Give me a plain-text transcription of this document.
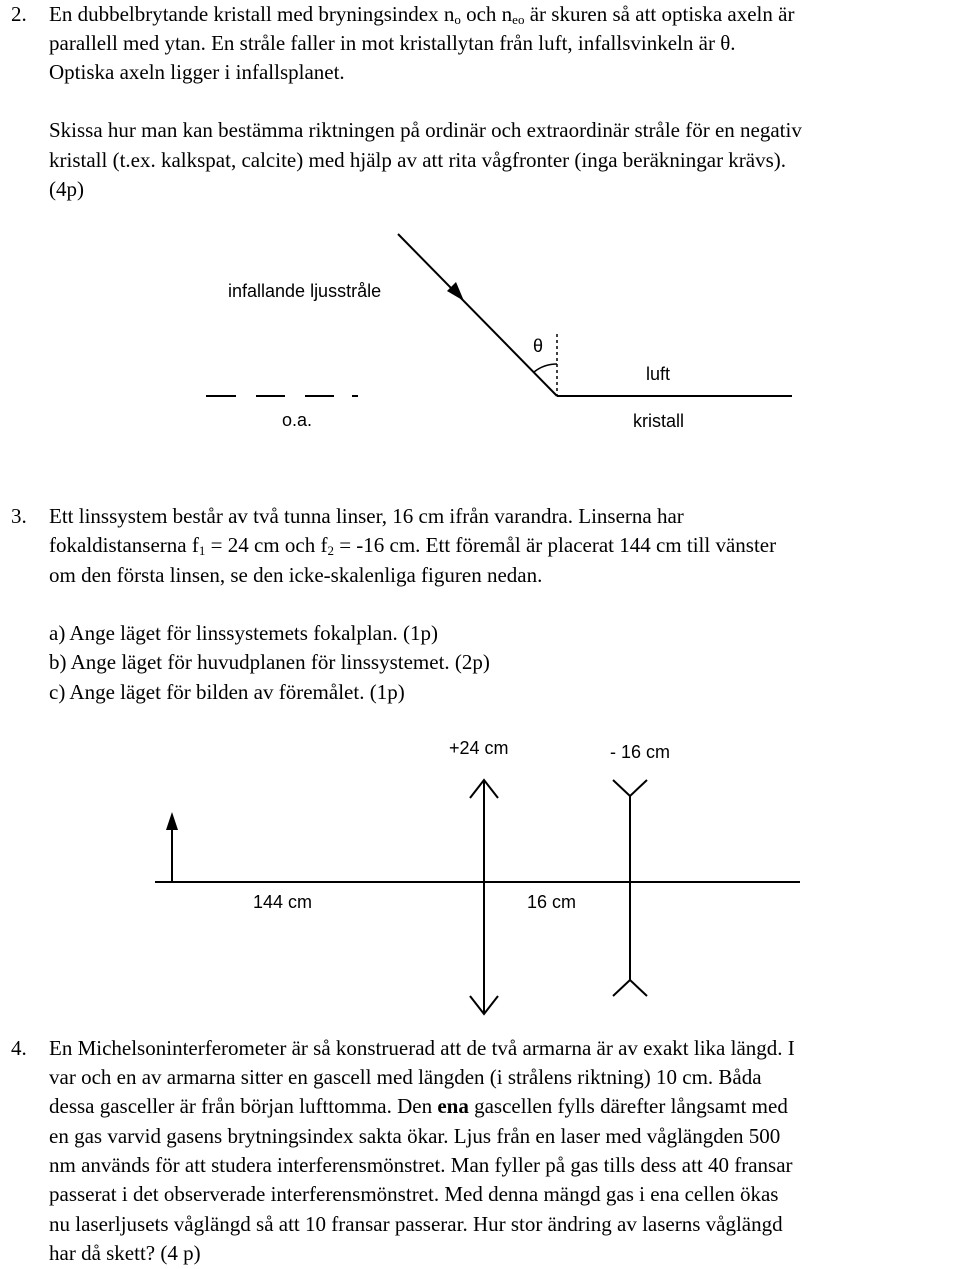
2. En dubbelbrytande kristall med bryningsindex $n_o$ och $n_{eo}$ är skuren så att optiska axeln är
parallell med ytan. En stråle faller in mot kristallytan från luft, infallsvinkeln är θ.
Optiska axeln ligger i infallsplanet.
Skissa hur man kan bestämma riktningen på ordinär och extraordinär stråle för en negativ
kristall (t.ex. kalkspat, calcite) med hjälp av att rita vågfronter (inga beräkningar krävs).
(4p)
infallande ljusstråle
θ
luft
o.a.	kristall
3. Ett linssystem består av två tunna linser, 16 cm ifrån varandra. Linserna har
fokaldistanserna $f_1 = 24$ cm och $f_2 = -16$ cm. Ett föremål är placerat 144 cm till vänster
om den första linsen, se den icke-skalenliga figuren nedan.
a) Ange läget för linssystemets fokalplan. (1p)
b) Ange läget för huvudplanen för linssystemet. (2p)
c) Ange läget för bilden av föremålet. (1p)
+24 cm	- 16 cm
144 cm	16 cm
4. En Michelsoninterferometer är så konstruerad att de två armarna är av exakt lika längd. I
var och en av armarna sitter en gascell med längden (i strålens riktning) 10 cm. Båda
dessa gasceller är från början lufttomma. Den ena gascellen fylls därefter långsamt med
en gas varvid gasens brytningsindex sakta ökar. Ljus från en laser med våglängden 500
nm används för att studera interferensmönstret. Man fyller på gas tills dess att 40 fransar
passerat i det observerade interferensmönstret. Med denna mängd gas i ena cellen ökas
nu laserljusets våglängd så att 10 fransar passerar. Hur stor ändring av laserns våglängd
har då skett? (4 p)
